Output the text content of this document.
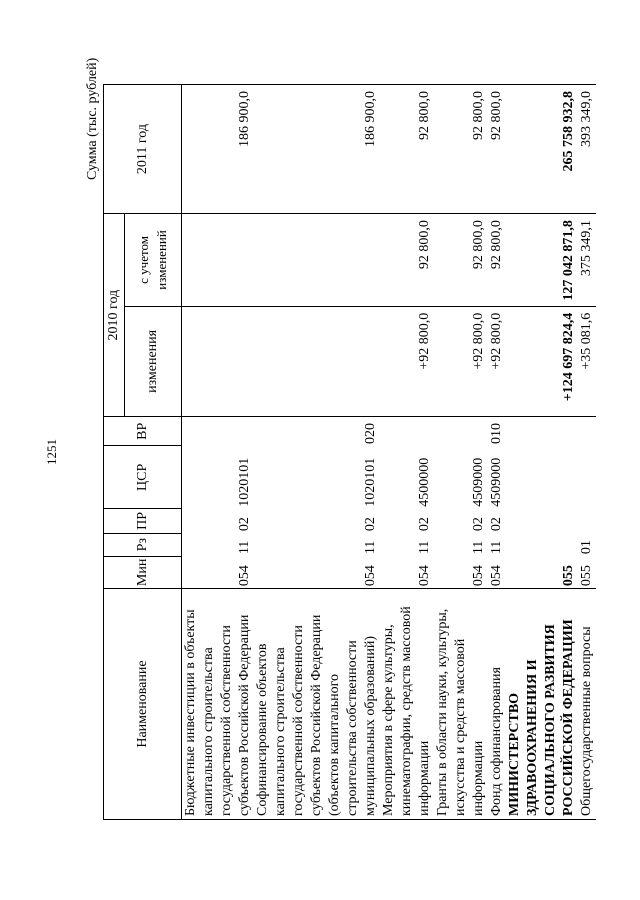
1251
Сумма (тыс. рублей)
Наименование	Мин	Рз	ПР	ЦСР	ВР	2010 год		2011 год
						изменения	с учетом изменений	
Бюджетные инвестиции в объекты капитального строительства государственной собственности субъектов Российской Федерации	054	11	02	1020101				186 900,0
Софинансирование объектов капитального строительства государственной собственности субъектов Российской Федерации (объектов капитального строительства собственности муниципальных образований)	054	11	02	1020101	020			186 900,0
Мероприятия в сфере культуры, кинематографии, средств массовой информации	054	11	02	4500000		+92 800,0	92 800,0	92 800,0
Гранты в области науки, культуры, искусства и средств массовой информации	054	11	02	4509000		+92 800,0	92 800,0	92 800,0
Фонд софинансирования	054	11	02	4509000	010	+92 800,0	92 800,0	92 800,0
МИНИСТЕРСТВО ЗДРАВООХРАНЕНИЯ И СОЦИАЛЬНОГО РАЗВИТИЯ РОССИЙСКОЙ ФЕДЕРАЦИИ	055					+124 697 824,4	127 042 871,8	265 758 932,8
Общегосударственные вопросы	055	01				+35 081,6	375 349,1	393 349,0
